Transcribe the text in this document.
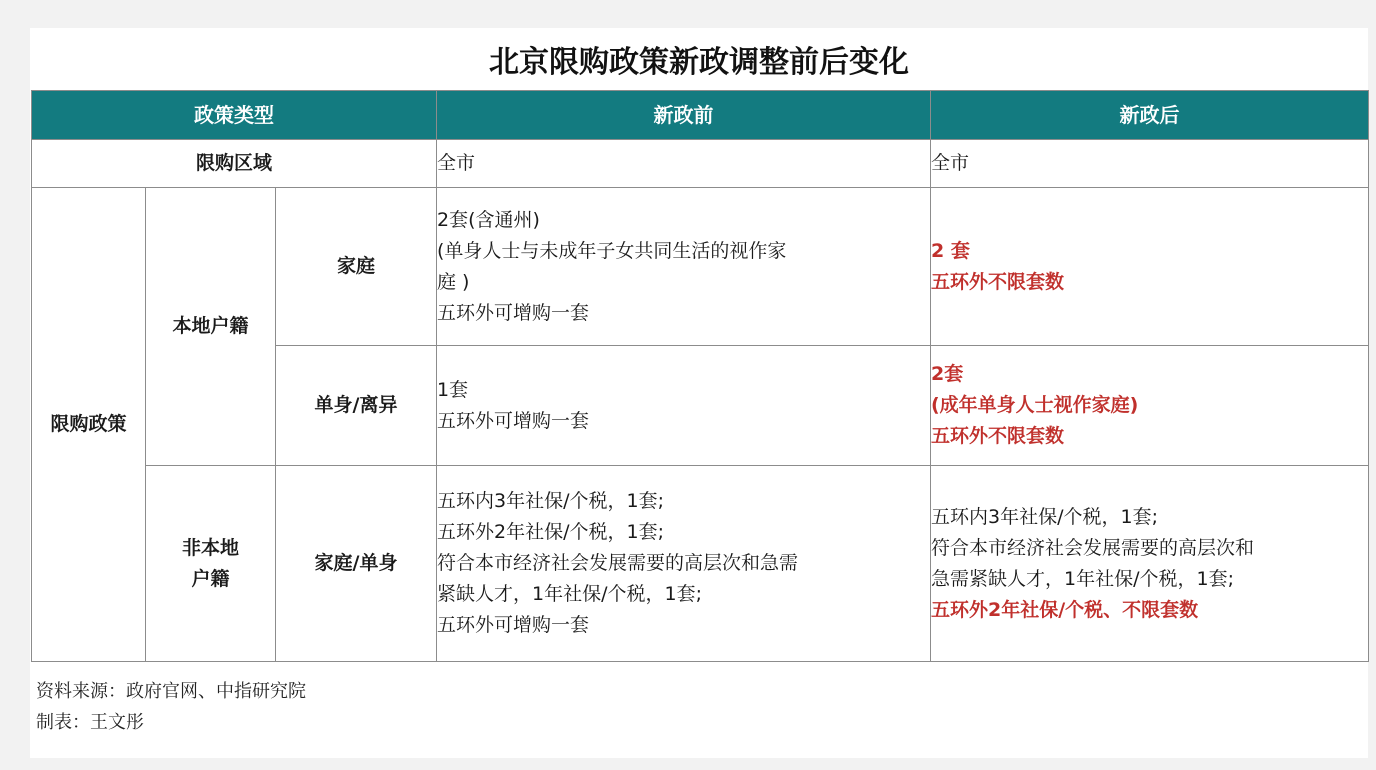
北京限购政策新政调整前后变化
政策类型			新政前	新政后
限购区域			全市	全市
限购政策	本地户籍	家庭	2套(含通州)
(单身人士与未成年子女共同生活的视作家
庭 )
五环外可增购一套	2 套
五环外不限套数

		单身/离异	1套
五环外可增购一套	2套
(成年单身人士视作家庭)
五环外不限套数

	非本地
户籍	家庭/单身	五环内3年社保/个税，1套;
五环外2年社保/个税，1套;
符合本市经济社会发展需要的高层次和急需
紧缺人才，1年社保/个税，1套;
五环外可增购一套	五环内3年社保/个税，1套;
符合本市经济社会发展需要的高层次和
急需紧缺人才，1年社保/个税，1套;
五环外2年社保/个税、不限套数
资料来源：政府官网、中指研究院
制表：王文彤
